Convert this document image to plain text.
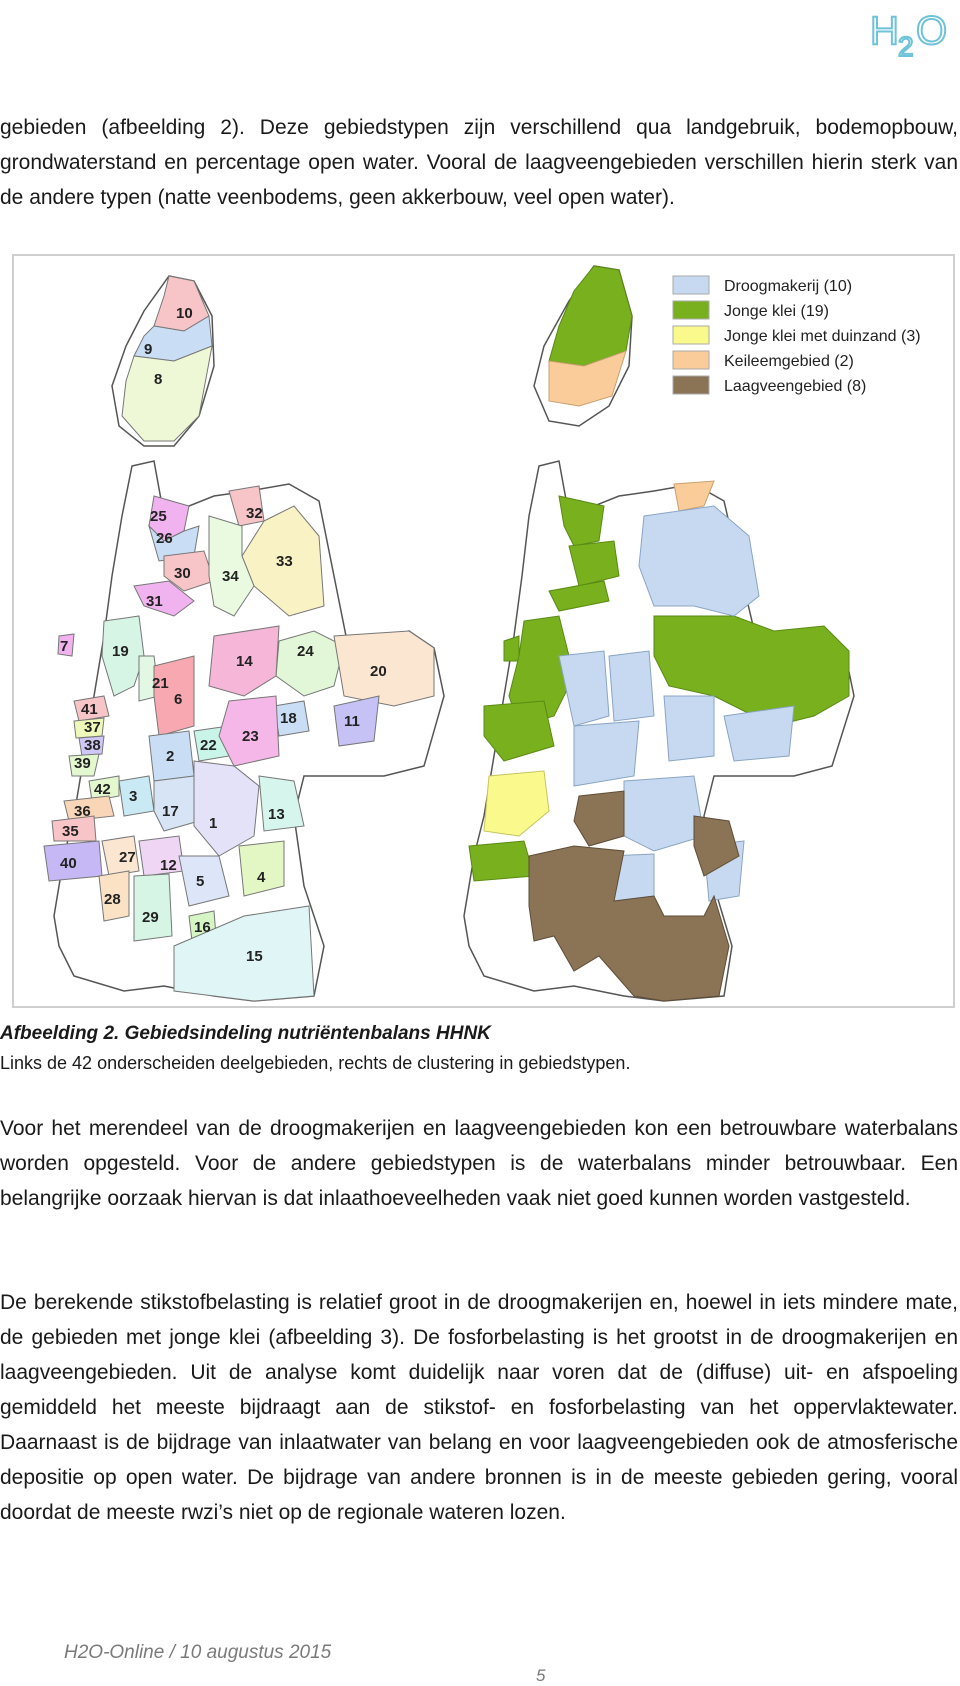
H 2 O

gebieden (afbeelding 2). Deze gebiedstypen zijn verschillend qua landgebruik, bodemopbouw, grondwaterstand en percentage open water. Vooral de laagveengebieden verschillen hierin sterk van de andere typen (natte veenbodems, geen akkerbouw, veel open water).

10
9
8
25
26
32
33
30 34
31
7	19	24
14
20
21
6
41
37
38
39
42
2
22
18	11
23
3
17
1
36
35
40	27 12
13
5	4
28
29
16
15
Droogmakerij (10)
Jonge klei (19)
Jonge klei met duinzand (3)
Keileemgebied (2)
Laagveengebied (8)
Afbeelding 2. Gebiedsindeling nutriëntenbalans HHNK
Links de 42 onderscheiden deelgebieden, rechts de clustering in gebiedstypen.

Voor het merendeel van de droogmakerijen en laagveengebieden kon een betrouwbare waterbalans worden opgesteld. Voor de andere gebiedstypen is de waterbalans minder betrouwbaar. Een belangrijke oorzaak hiervan is dat inlaathoeveelheden vaak niet goed kunnen worden vastgesteld.

De berekende stikstofbelasting is relatief groot in de droogmakerijen en, hoewel in iets mindere mate, de gebieden met jonge klei (afbeelding 3). De fosforbelasting is het grootst in de droogmakerijen en laagveengebieden. Uit de analyse komt duidelijk naar voren dat de (diffuse) uit- en afspoeling gemiddeld het meeste bijdraagt aan de stikstof- en fosforbelasting van het oppervlaktewater. Daarnaast is de bijdrage van inlaatwater van belang en voor laagveengebieden ook de atmosferische depositie op open water. De bijdrage van andere bronnen is in de meeste gebieden gering, vooral doordat de meeste rwzi’s niet op de regionale wateren lozen.

H2O-Online / 10 augustus 2015
5
